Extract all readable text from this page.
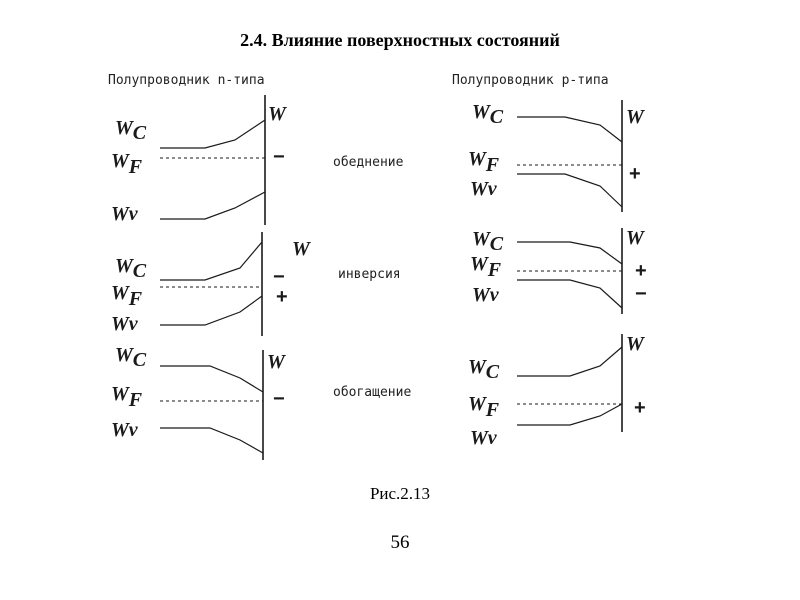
2.4. Влияние поверхностных состояний
Полупроводник n-типа	Полупроводник р-типа
обеднение
инверсия
обогащение
WC
WF
Wv
W
−
WC
WF
Wv
W
−
+
WC
WF
Wv
W
−
WC
WF
Wv
W
+
WC
WF
Wv
W
+
−
WC
WF
Wv
W
+
Рис.2.13
56
